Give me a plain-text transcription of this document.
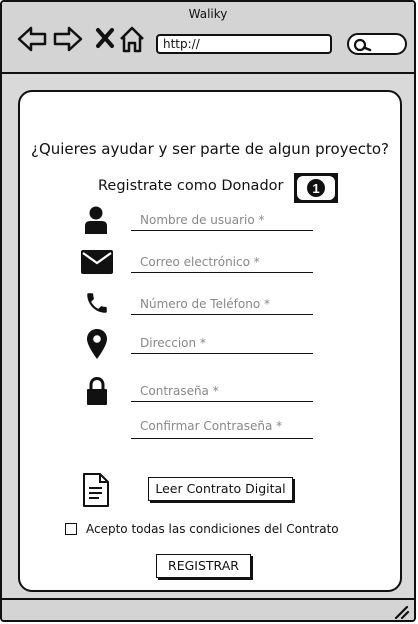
Waliky
http://
¿Quieres ayudar y ser parte de algun proyecto?
Registrate como Donador 1
Nombre de usuario *
Correo electrónico *
Número de Teléfono *
Direccion *
Contraseña *
Confirmar Contraseña *
Leer Contrato Digital
Acepto todas las condiciones del Contrato
REGISTRAR
